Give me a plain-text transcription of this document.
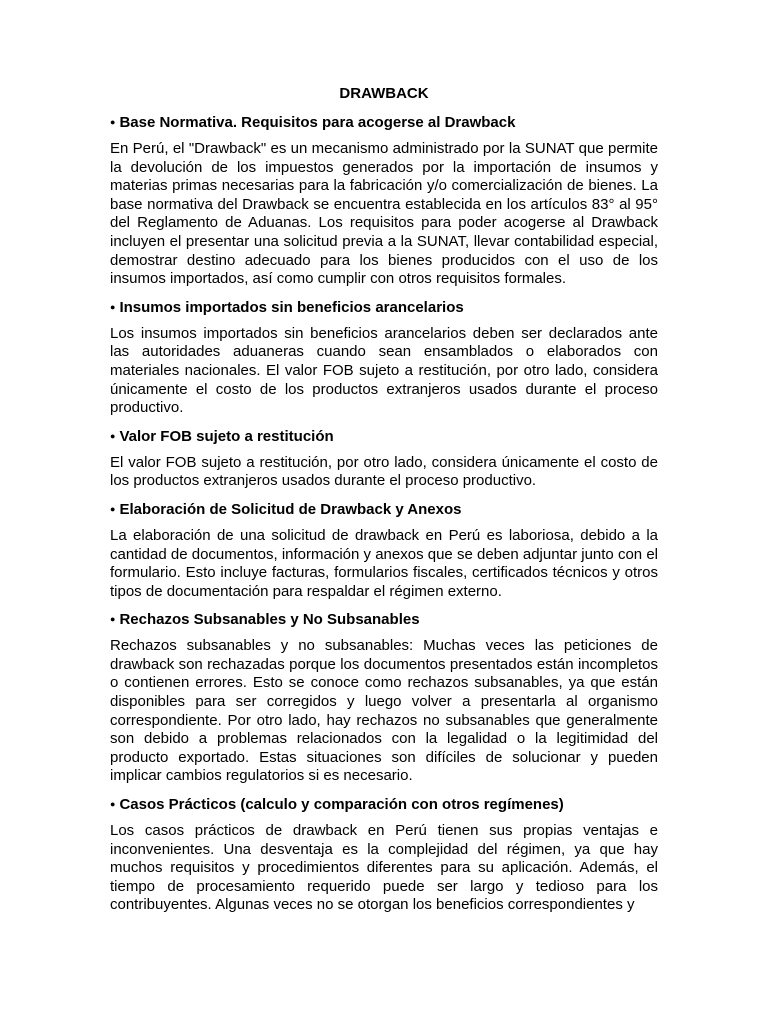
DRAWBACK
● Base Normativa. Requisitos para acogerse al Drawback

En Perú, el "Drawback" es un mecanismo administrado por la SUNAT que permite la devolución de los impuestos generados por la importación de insumos y materias primas necesarias para la fabricación y/o comercialización de bienes. La base normativa del Drawback se encuentra establecida en los artículos 83° al 95° del Reglamento de Aduanas. Los requisitos para poder acogerse al Drawback incluyen el presentar una solicitud previa a la SUNAT, llevar contabilidad especial, demostrar destino adecuado para los bienes producidos con el uso de los insumos importados, así como cumplir con otros requisitos formales.

● Insumos importados sin beneficios arancelarios

Los insumos importados sin beneficios arancelarios deben ser declarados ante las autoridades aduaneras cuando sean ensamblados o elaborados con materiales nacionales. El valor FOB sujeto a restitución, por otro lado, considera únicamente el costo de los productos extranjeros usados durante el proceso productivo.

● Valor FOB sujeto a restitución

El valor FOB sujeto a restitución, por otro lado, considera únicamente el costo de los productos extranjeros usados durante el proceso productivo.

● Elaboración de Solicitud de Drawback y Anexos

La elaboración de una solicitud de drawback en Perú es laboriosa, debido a la cantidad de documentos, información y anexos que se deben adjuntar junto con el formulario. Esto incluye facturas, formularios fiscales, certificados técnicos y otros tipos de documentación para respaldar el régimen externo.

● Rechazos Subsanables y No Subsanables

Rechazos subsanables y no subsanables: Muchas veces las peticiones de drawback son rechazadas porque los documentos presentados están incompletos o contienen errores. Esto se conoce como rechazos subsanables, ya que están disponibles para ser corregidos y luego volver a presentarla al organismo correspondiente. Por otro lado, hay rechazos no subsanables que generalmente son debido a problemas relacionados con la legalidad o la legitimidad del producto exportado. Estas situaciones son difíciles de solucionar y pueden implicar cambios regulatorios si es necesario.

● Casos Prácticos (calculo y comparación con otros regímenes)

Los casos prácticos de drawback en Perú tienen sus propias ventajas e inconvenientes. Una desventaja es la complejidad del régimen, ya que hay muchos requisitos y procedimientos diferentes para su aplicación. Además, el tiempo de procesamiento requerido puede ser largo y tedioso para los contribuyentes. Algunas veces no se otorgan los beneficios correspondientes y
